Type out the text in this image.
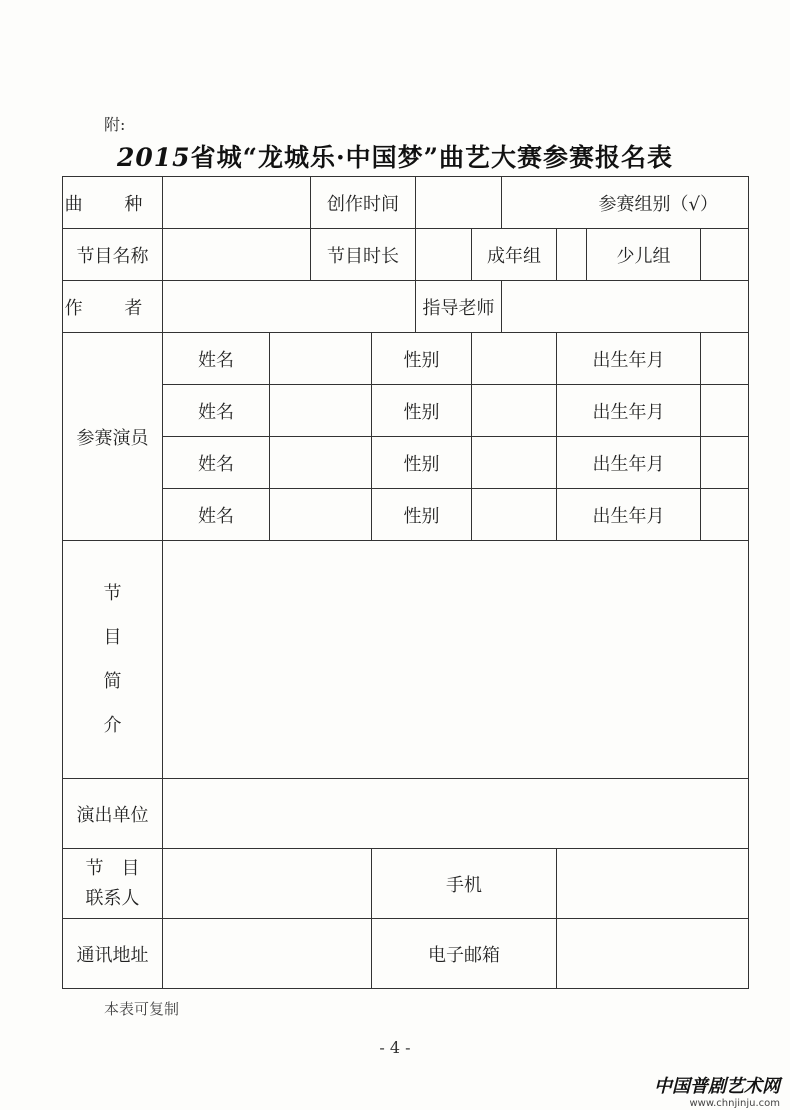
附:
2015省城“龙城乐·中国梦”曲艺大赛参赛报名表
曲 种			创作时间				参赛组别（√）			
节目名称			节目时长			成年组			少儿组	
作 者					指导老师					
参赛演员	姓名			性别				出生年月		
	姓名			性别				出生年月		
	姓名			性别				出生年月		
	姓名			性别				出生年月		

节
目
简
介										

演出单位										

节　目
联系人				手机						
通讯地址				电子邮箱						
本表可复制
- 4 -
中国普剧艺术网
www.chnjinju.com
